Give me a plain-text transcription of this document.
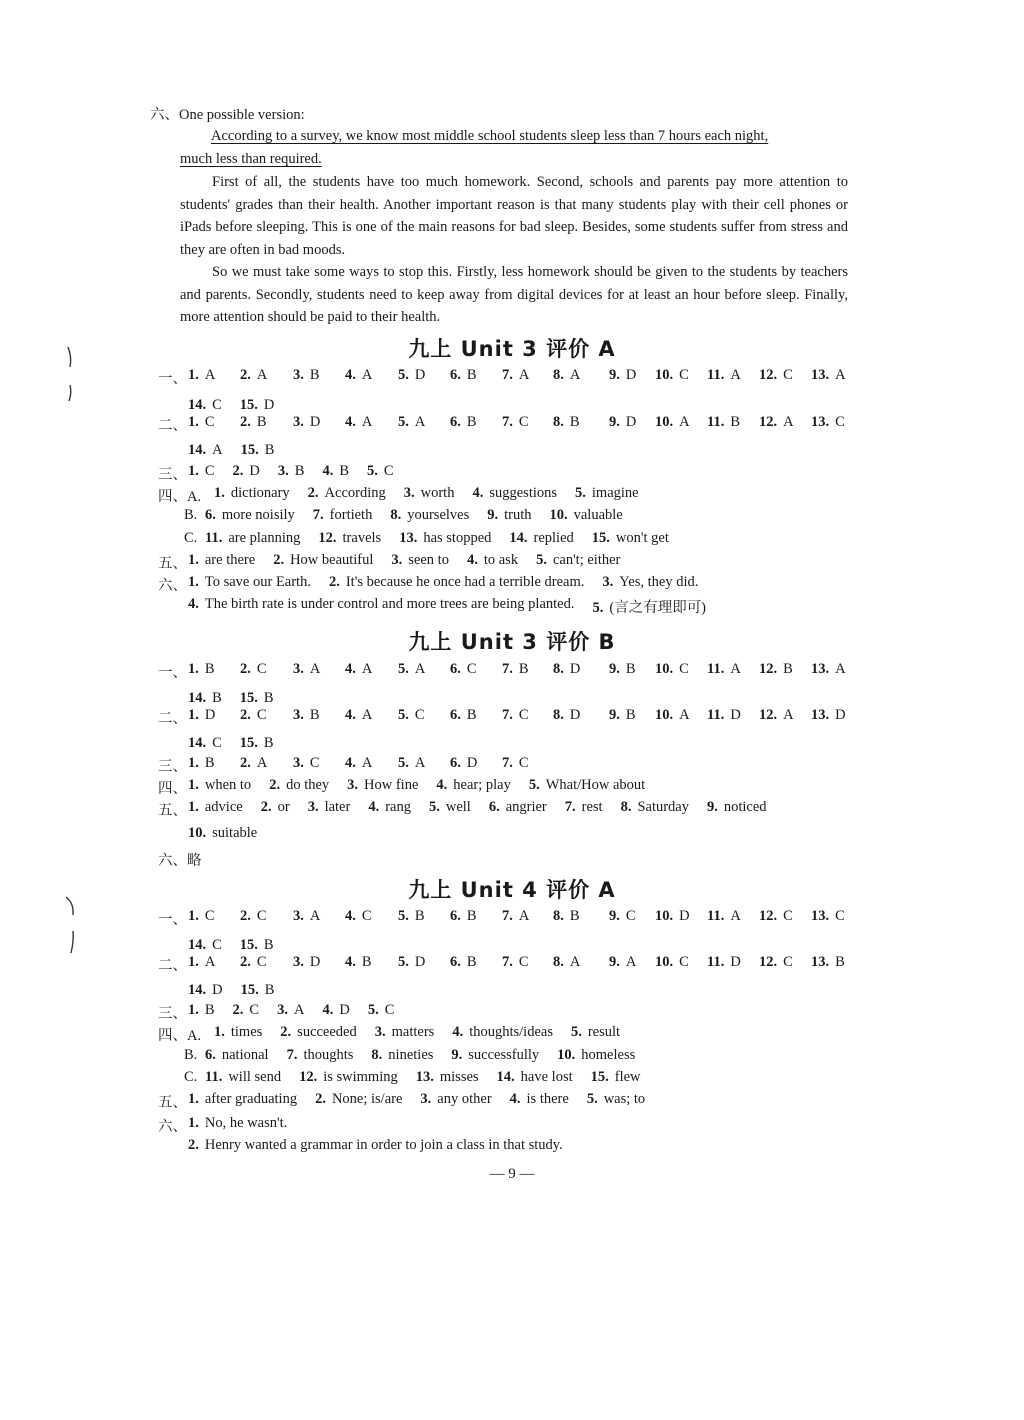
六、One possible version:
According to a survey, we know most middle school students sleep less than 7 hours each night,
much less than required.

First of all, the students have too much homework. Second, schools and parents pay more attention to students' grades than their health. Another important reason is that many students play with their cell phones or iPads before sleeping. This is one of the main reasons for bad sleep. Besides, some students suffer from stress and they are often in bad moods.

So we must take some ways to stop this. Firstly, less homework should be given to the students by teachers and parents. Secondly, students need to keep away from digital devices for at least an hour before sleep. Finally, more attention should be paid to their health.

九上 Unit 3 评价 A
一、 1. A 2. A 3. B 4. A 5. D 6. B 7. A 8. A 9. D 10. C 11. A 12. C 13. A
14. C 15. D
二、 1. C 2. B 3. D 4. A 5. A 6. B 7. C 8. B 9. D 10. A 11. B 12. A 13. C
14. A 15. B
三、 1. C 2. D 3. B 4. B 5. C
四、A. 1. dictionary 2. According 3. worth 4. suggestions 5. imagine
B. 6. more noisily 7. fortieth 8. yourselves 9. truth 10. valuable
C. 11. are planning 12. travels 13. has stopped 14. replied 15. won't get
五、 1. are there 2. How beautiful 3. seen to 4. to ask 5. can't; either
六、 1. To save our Earth. 2. It's because he once had a terrible dream. 3. Yes, they did.
4. The birth rate is under control and more trees are being planted. 5. (言之有理即可)
九上 Unit 3 评价 B
一、 1. B 2. C 3. A 4. A 5. A 6. C 7. B 8. D 9. B 10. C 11. A 12. B 13. A
14. B 15. B
二、 1. D 2. C 3. B 4. A 5. C 6. B 7. C 8. D 9. B 10. A 11. D 12. A 13. D
14. C 15. B
三、 1. B 2. A 3. C 4. A 5. A 6. D 7. C
四、 1. when to 2. do they 3. How fine 4. hear; play 5. What/How about
五、 1. advice 2. or 3. later 4. rang 5. well 6. angrier 7. rest 8. Saturday 9. noticed
10. suitable
六、略
九上 Unit 4 评价 A
一、 1. C 2. C 3. A 4. C 5. B 6. B 7. A 8. B 9. C 10. D 11. A 12. C 13. C
14. C 15. B
二、 1. A 2. C 3. D 4. B 5. D 6. B 7. C 8. A 9. A 10. C 11. D 12. C 13. B
14. D 15. B
三、 1. B 2. C 3. A 4. D 5. C
四、A. 1. times 2. succeeded 3. matters 4. thoughts/ideas 5. result
B. 6. national 7. thoughts 8. nineties 9. successfully 10. homeless
C. 11. will send 12. is swimming 13. misses 14. have lost 15. flew
五、 1. after graduating 2. None; is/are 3. any other 4. is there 5. was; to
六、 1. No, he wasn't.
2. Henry wanted a grammar in order to join a class in that study.
— 9 —
